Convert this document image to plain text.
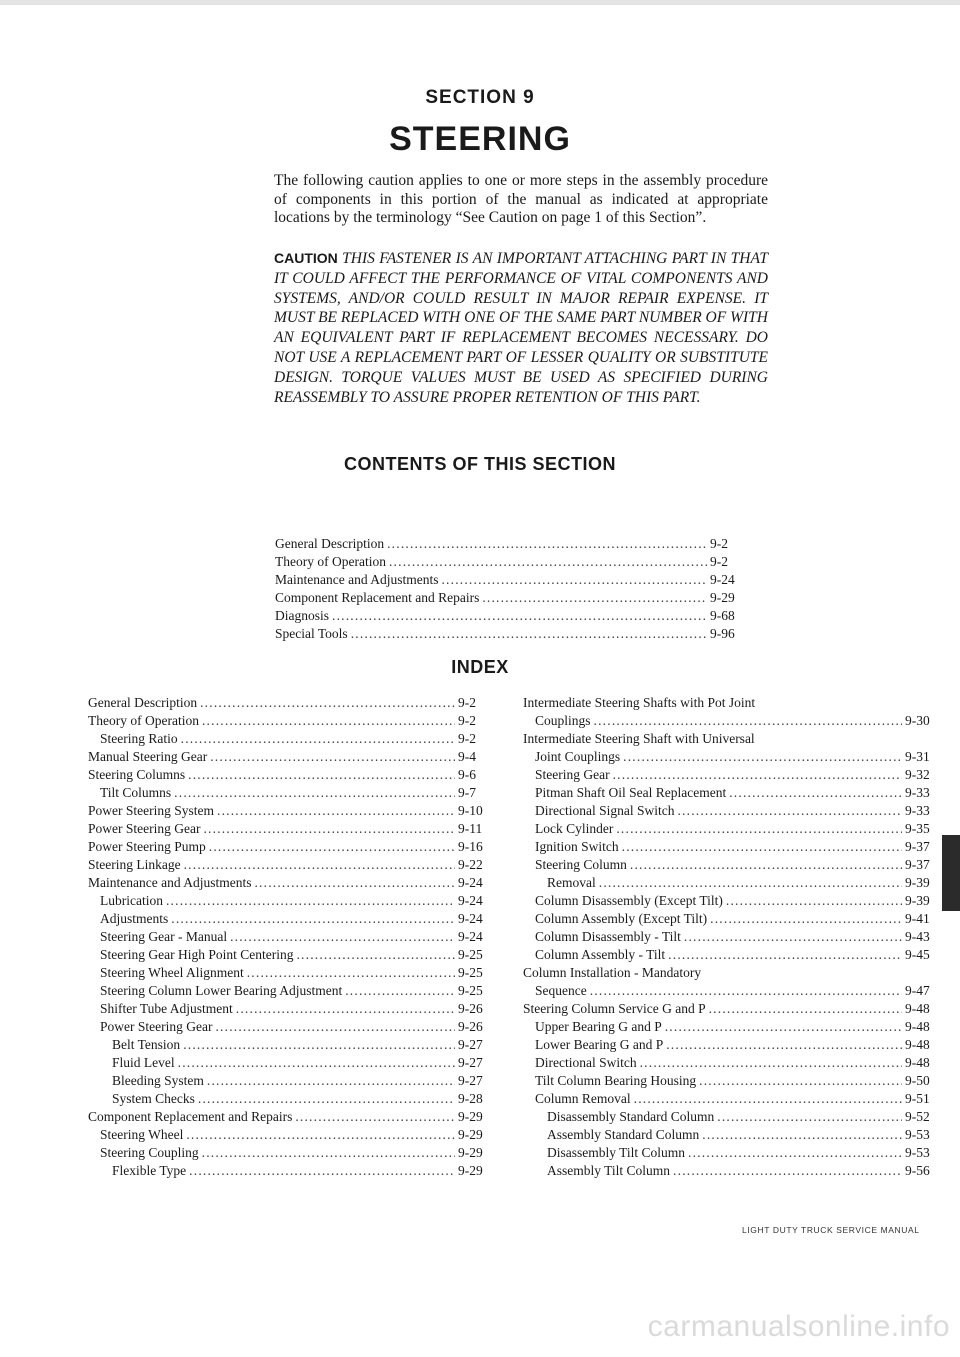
SECTION 9
STEERING
The following caution applies to one or more steps in the assembly procedure of components in this portion of the manual as indicated at appropriate locations by the terminology “See Caution on page 1 of this Section”.
CAUTION THIS FASTENER IS AN IMPORTANT ATTACHING PART IN THAT IT COULD AFFECT THE PERFORMANCE OF VITAL COMPONENTS AND SYSTEMS, AND/OR COULD RESULT IN MAJOR REPAIR EXPENSE. IT MUST BE REPLACED WITH ONE OF THE SAME PART NUMBER OF WITH AN EQUIVALENT PART IF REPLACEMENT BECOMES NECESSARY. DO NOT USE A REPLACEMENT PART OF LESSER QUALITY OR SUBSTITUTE DESIGN. TORQUE VALUES MUST BE USED AS SPECIFIED DURING REASSEMBLY TO ASSURE PROPER RETENTION OF THIS PART.
CONTENTS OF THIS SECTION
General Description .....	9-2
Theory of Operation .....	9-2
Maintenance and Adjustments .....	9-24
Component Replacement and Repairs .....	9-29
Diagnosis .....	9-68
Special Tools .....	9-96
INDEX
General Description .....	9-2
Theory of Operation .....	9-2
Steering Ratio .....	9-2
Manual Steering Gear .....	9-4
Steering Columns .....	9-6
Tilt Columns .....	9-7
Power Steering System .....	9-10
Power Steering Gear .....	9-11
Power Steering Pump .....	9-16
Steering Linkage .....	9-22
Maintenance and Adjustments .....	9-24
Lubrication .....	9-24
Adjustments .....	9-24
Steering Gear - Manual .....	9-24
Steering Gear High Point Centering .....	9-25
Steering Wheel Alignment .....	9-25
Steering Column Lower Bearing Adjustment .....	9-25
Shifter Tube Adjustment .....	9-26
Power Steering Gear .....	9-26
Belt Tension .....	9-27
Fluid Level .....	9-27
Bleeding System .....	9-27
System Checks .....	9-28
Component Replacement and Repairs .....	9-29
Steering Wheel .....	9-29
Steering Coupling .....	9-29
Flexible Type .....	9-29
Intermediate Steering Shafts with Pot Joint
Couplings .....	9-30
Intermediate Steering Shaft with Universal
Joint Couplings .....	9-31
Steering Gear .....	9-32
Pitman Shaft Oil Seal Replacement .....	9-33
Directional Signal Switch .....	9-33
Lock Cylinder .....	9-35
Ignition Switch .....	9-37
Steering Column .....	9-37
Removal .....	9-39
Column Disassembly (Except Tilt) .....	9-39
Column Assembly (Except Tilt) .....	9-41
Column Disassembly - Tilt .....	9-43
Column Assembly - Tilt .....	9-45
Column Installation - Mandatory
Sequence .....	9-47
Steering Column Service G and P .....	9-48
Upper Bearing G and P .....	9-48
Lower Bearing G and P .....	9-48
Directional Switch .....	9-48
Tilt Column Bearing Housing .....	9-50
Column Removal .....	9-51
Disassembly Standard Column .....	9-52
Assembly Standard Column .....	9-53
Disassembly Tilt Column .....	9-53
Assembly Tilt Column .....	9-56
LIGHT DUTY TRUCK SERVICE MANUAL
carmanualsonline.info
